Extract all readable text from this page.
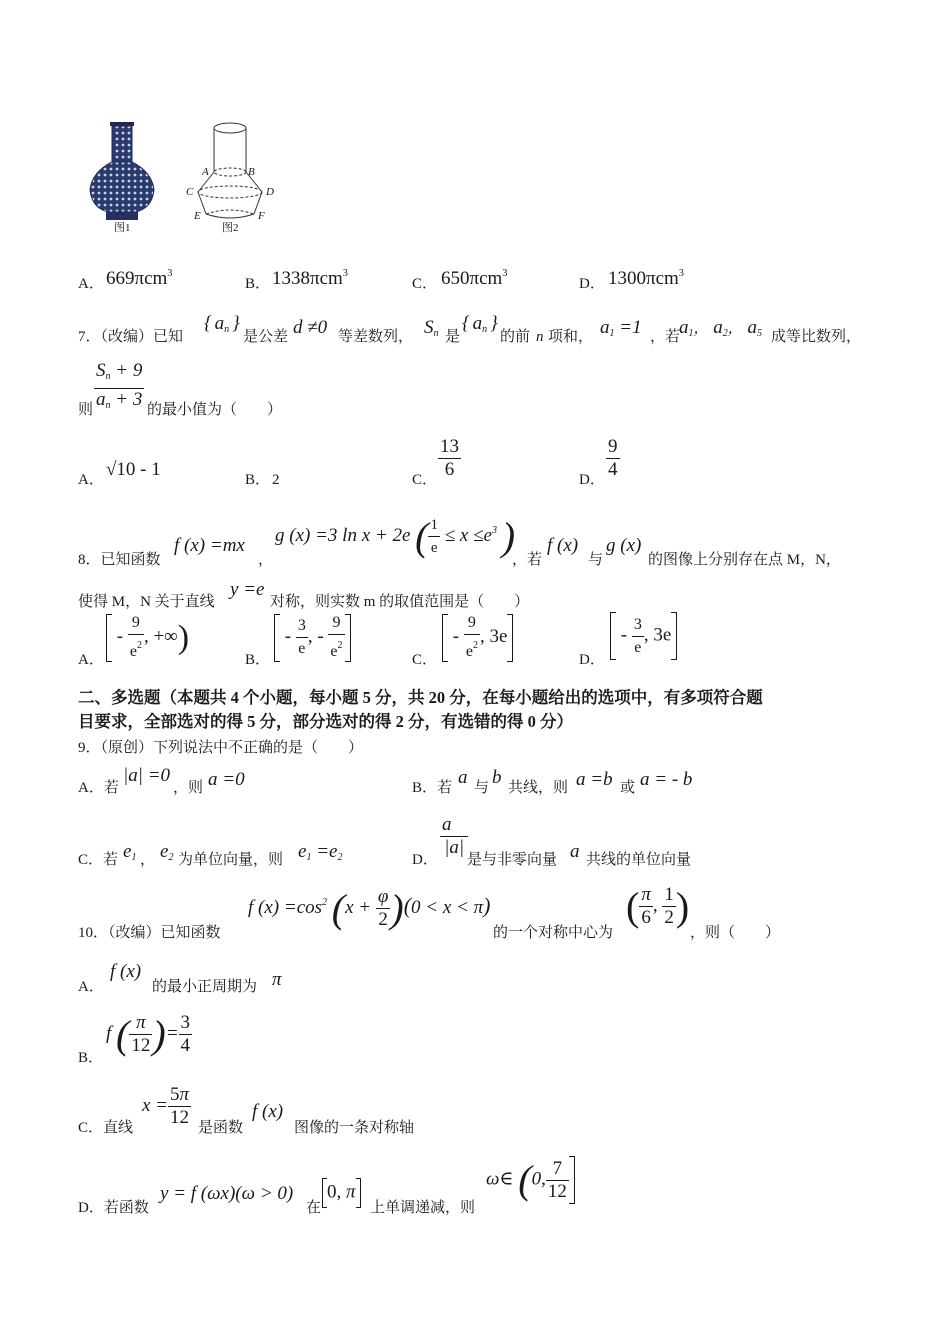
图1
A	B
C	D
E	F
图2
A． 669πcm$^3$
B． 1338πcm$^3$
C． 650πcm$^3$
D． 1300πcm$^3$
7．（改编）已知
{ $a_n$ }
是公差 d ≠0 等差数列， $S_n$ 是
{ $a_n$ }
的前 n 项和， $a_1 =1$ ，若
$a_1$， $a_2$， $a_5$ 成等比数列，
$\frac{S_n + 9}{a_n + 3}$
则	的最小值为（　　）
A． √10 - 1	B． 2	C． $\frac{13}{6}$	D． $\frac{9}{4}$
8．已知函数
f (x) =mx
，
g (x) =3 ln x + 2e ( $\frac{1}{e} \le x \le e^3$ )
，若
f (x)
与
g (x)
的图像上分别存在点 M，N，
使得 M，N 关于直线
y =e
对称，则实数 m 的取值范围是（　　）
A．
- $\frac{9}{e^2}$ , +∞)
B．
- $\frac{3}{e}$ , - $\frac{9}{e^2}$	C．
- $\frac{9}{e^2}$ , 3e
D．
- $\frac{3}{e}$ , 3e
二、多选题（本题共 4 个小题，每小题 5 分，共 20 分，在每小题给出的选项中，有多项符合题
目要求，全部选对的得 5 分，部分选对的得 2 分，有选错的得 0 分）
9．（原创）下列说法中不正确的是（　　）
A．若
|a| =0
，则 a =0	B．若 a 与 b 共线，则 a =b 或 a = - b
C．若 $e_1$ ， $e_2$ 为单位向量，则 $e_1 =e_2$	D．
$\frac{a⃗}{|a|}$
是与非零向量 a 共线的单位向量
10．（改编）已知函数
f $(x) =\cos^2$ $(x + \frac{\varphi}{2} )(0 < x < \pi)$
的一个对称中心为
( $\frac{\pi}{6}$ , $\frac{1}{2}$ )
，则（　　）
A．
f (x)
的最小正周期为 π
B．
f ( $\frac{\pi}{12}$ )= $\frac{3}{4}$
C．直线
$x = \frac{5\pi}{12}$ 是函数
f (x)
图像的一条对称轴
D．若函数
y = f (ωx)(ω > 0)
在
0, π
上单调递减，则
ω∈ (0, $\frac{7}{12}$
